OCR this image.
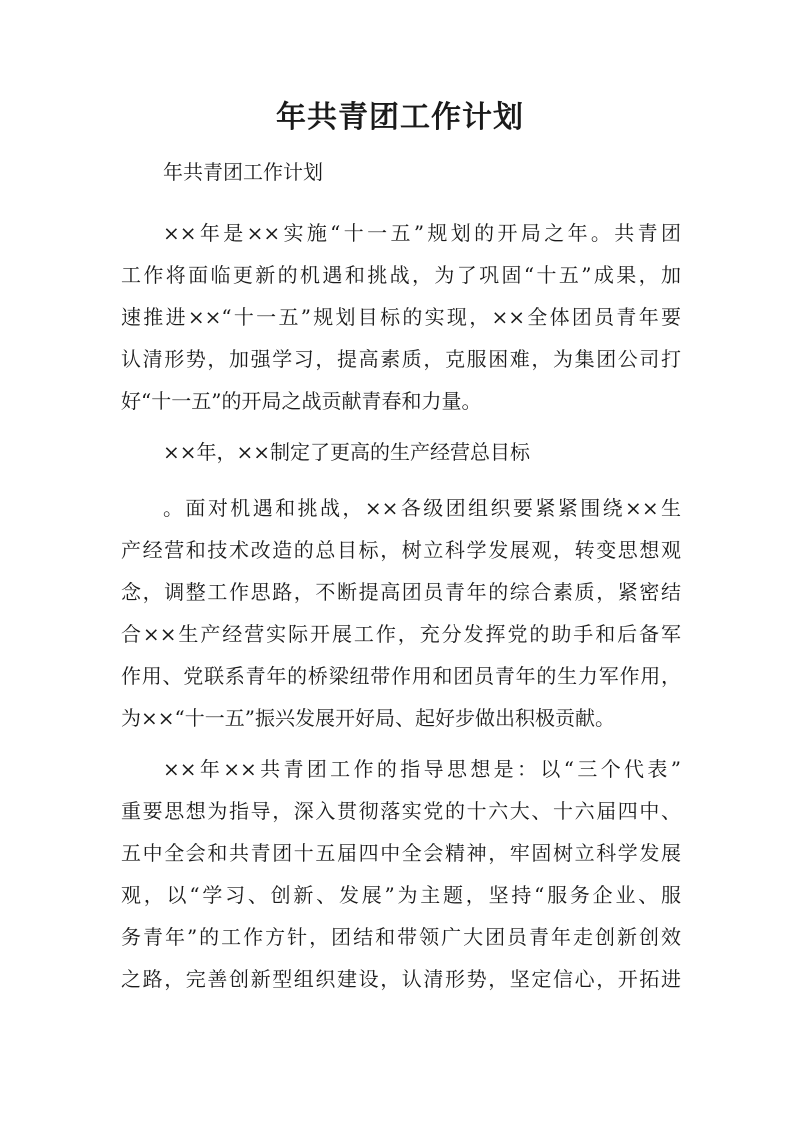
年共青团工作计划

年共青团工作计划

××年是××实施“十一五”规划的开局之年。共青团
工作将面临更新的机遇和挑战，为了巩固“十五”成果，加
速推进××“十一五”规划目标的实现，××全体团员青年要
认清形势，加强学习，提高素质，克服困难，为集团公司打
好“十一五”的开局之战贡献青春和力量。

××年，××制定了更高的生产经营总目标

。面对机遇和挑战，××各级团组织要紧紧围绕××生
产经营和技术改造的总目标，树立科学发展观，转变思想观
念，调整工作思路，不断提高团员青年的综合素质，紧密结
合××生产经营实际开展工作，充分发挥党的助手和后备军
作用、党联系青年的桥梁纽带作用和团员青年的生力军作用，
为××“十一五”振兴发展开好局、起好步做出积极贡献。

××年××共青团工作的指导思想是：以“三个代表”
重要思想为指导，深入贯彻落实党的十六大、十六届四中、
五中全会和共青团十五届四中全会精神，牢固树立科学发展
观，以“学习、创新、发展”为主题，坚持“服务企业、服
务青年”的工作方针，团结和带领广大团员青年走创新创效
之路，完善创新型组织建设，认清形势，坚定信心，开拓进
